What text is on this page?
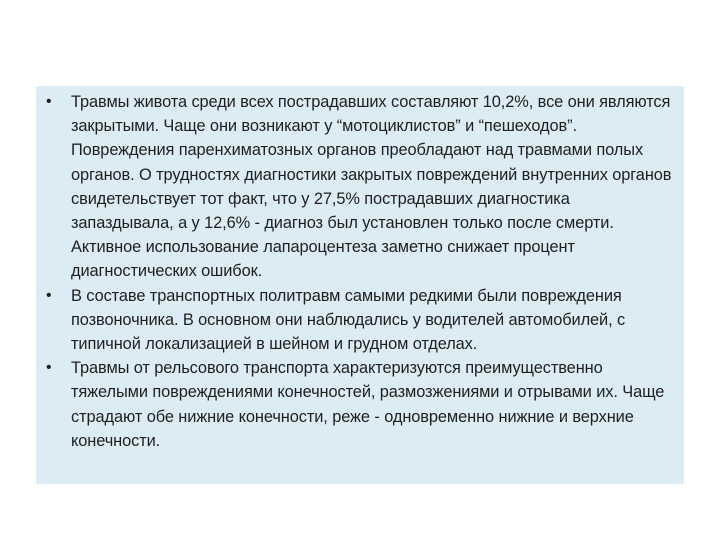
•	Травмы живота среди всех пострадавших составляют 10,2%, все они являются закрытыми. Чаще они возникают у “мотоциклистов” и “пешеходов”. Повреждения паренхиматозных органов преобладают над травмами полых органов. О трудностях диагностики закрытых повреждений внутренних органов свидетельствует тот факт, что у 27,5% пострадавших диагностика запаздывала, а у 12,6% - диагноз был установлен только после смерти. Активное использование лапароцентеза заметно снижает процент диагностических ошибок.
•	В составе транспортных политравм самыми редкими были повреждения позвоночника. В основном они наблюдались у водителей автомобилей, с типичной локализацией в шейном и грудном отделах.
•	Травмы от рельсового транспорта характеризуются преимущественно тяжелыми повреждениями конечностей, размозжениями и отрывами их. Чаще страдают обе нижние конечности, реже - одновременно нижние и верхние конечности.
